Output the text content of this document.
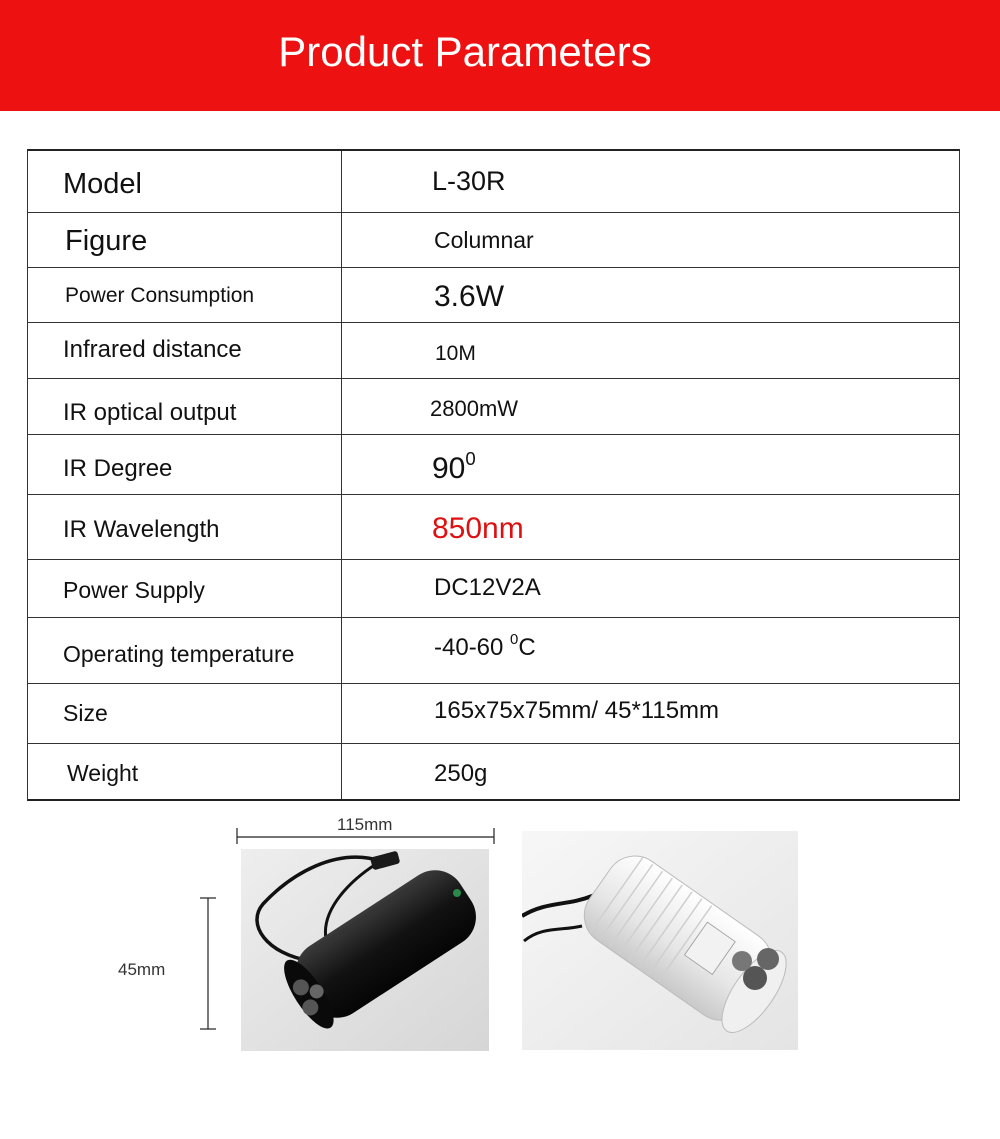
Product Parameters
Model	L-30R
Figure	Columnar
Power Consumption	3.6W
Infrared distance	10M
IR optical output	2800mW
IR Degree	$90^0$
IR Wavelength	850nm
Power Supply	DC12V2A
Operating temperature	-40-60 $^0$C
Size	165x75x75mm/ 45*115mm
Weight	250g
115mm
45mm
